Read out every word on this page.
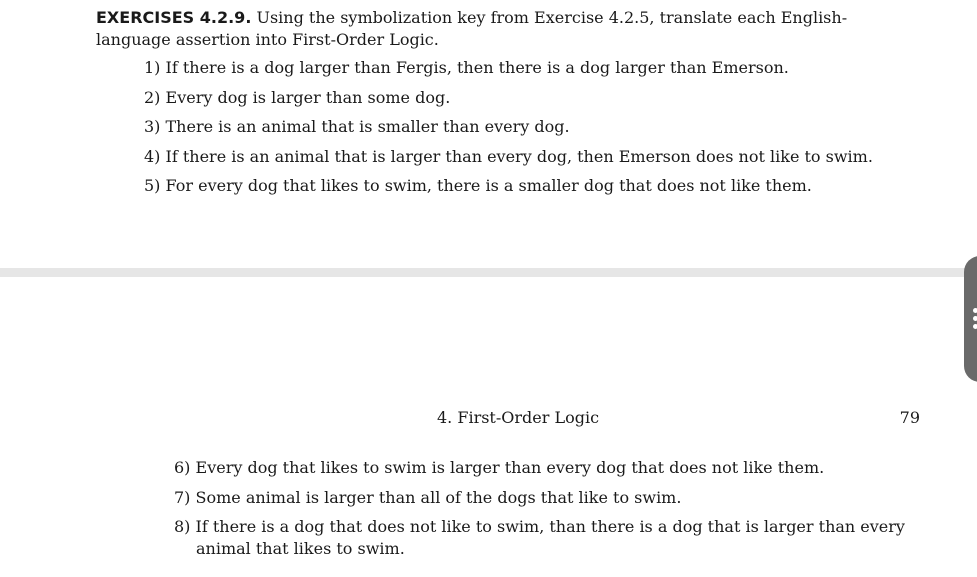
EXERCISES 4.2.9. Using the symbolization key from Exercise 4.2.5, translate each English-language assertion into First-Order Logic.
1) If there is a dog larger than Fergis, then there is a dog larger than Emerson.
2) Every dog is larger than some dog.
3) There is an animal that is smaller than every dog.
4) If there is an animal that is larger than every dog, then Emerson does not like to swim.
5) For every dog that likes to swim, there is a smaller dog that does not like them.
4. First-Order Logic	79
6) Every dog that likes to swim is larger than every dog that does not like them.
7) Some animal is larger than all of the dogs that like to swim.
8) If there is a dog that does not like to swim, than there is a dog that is larger than every animal that likes to swim.
